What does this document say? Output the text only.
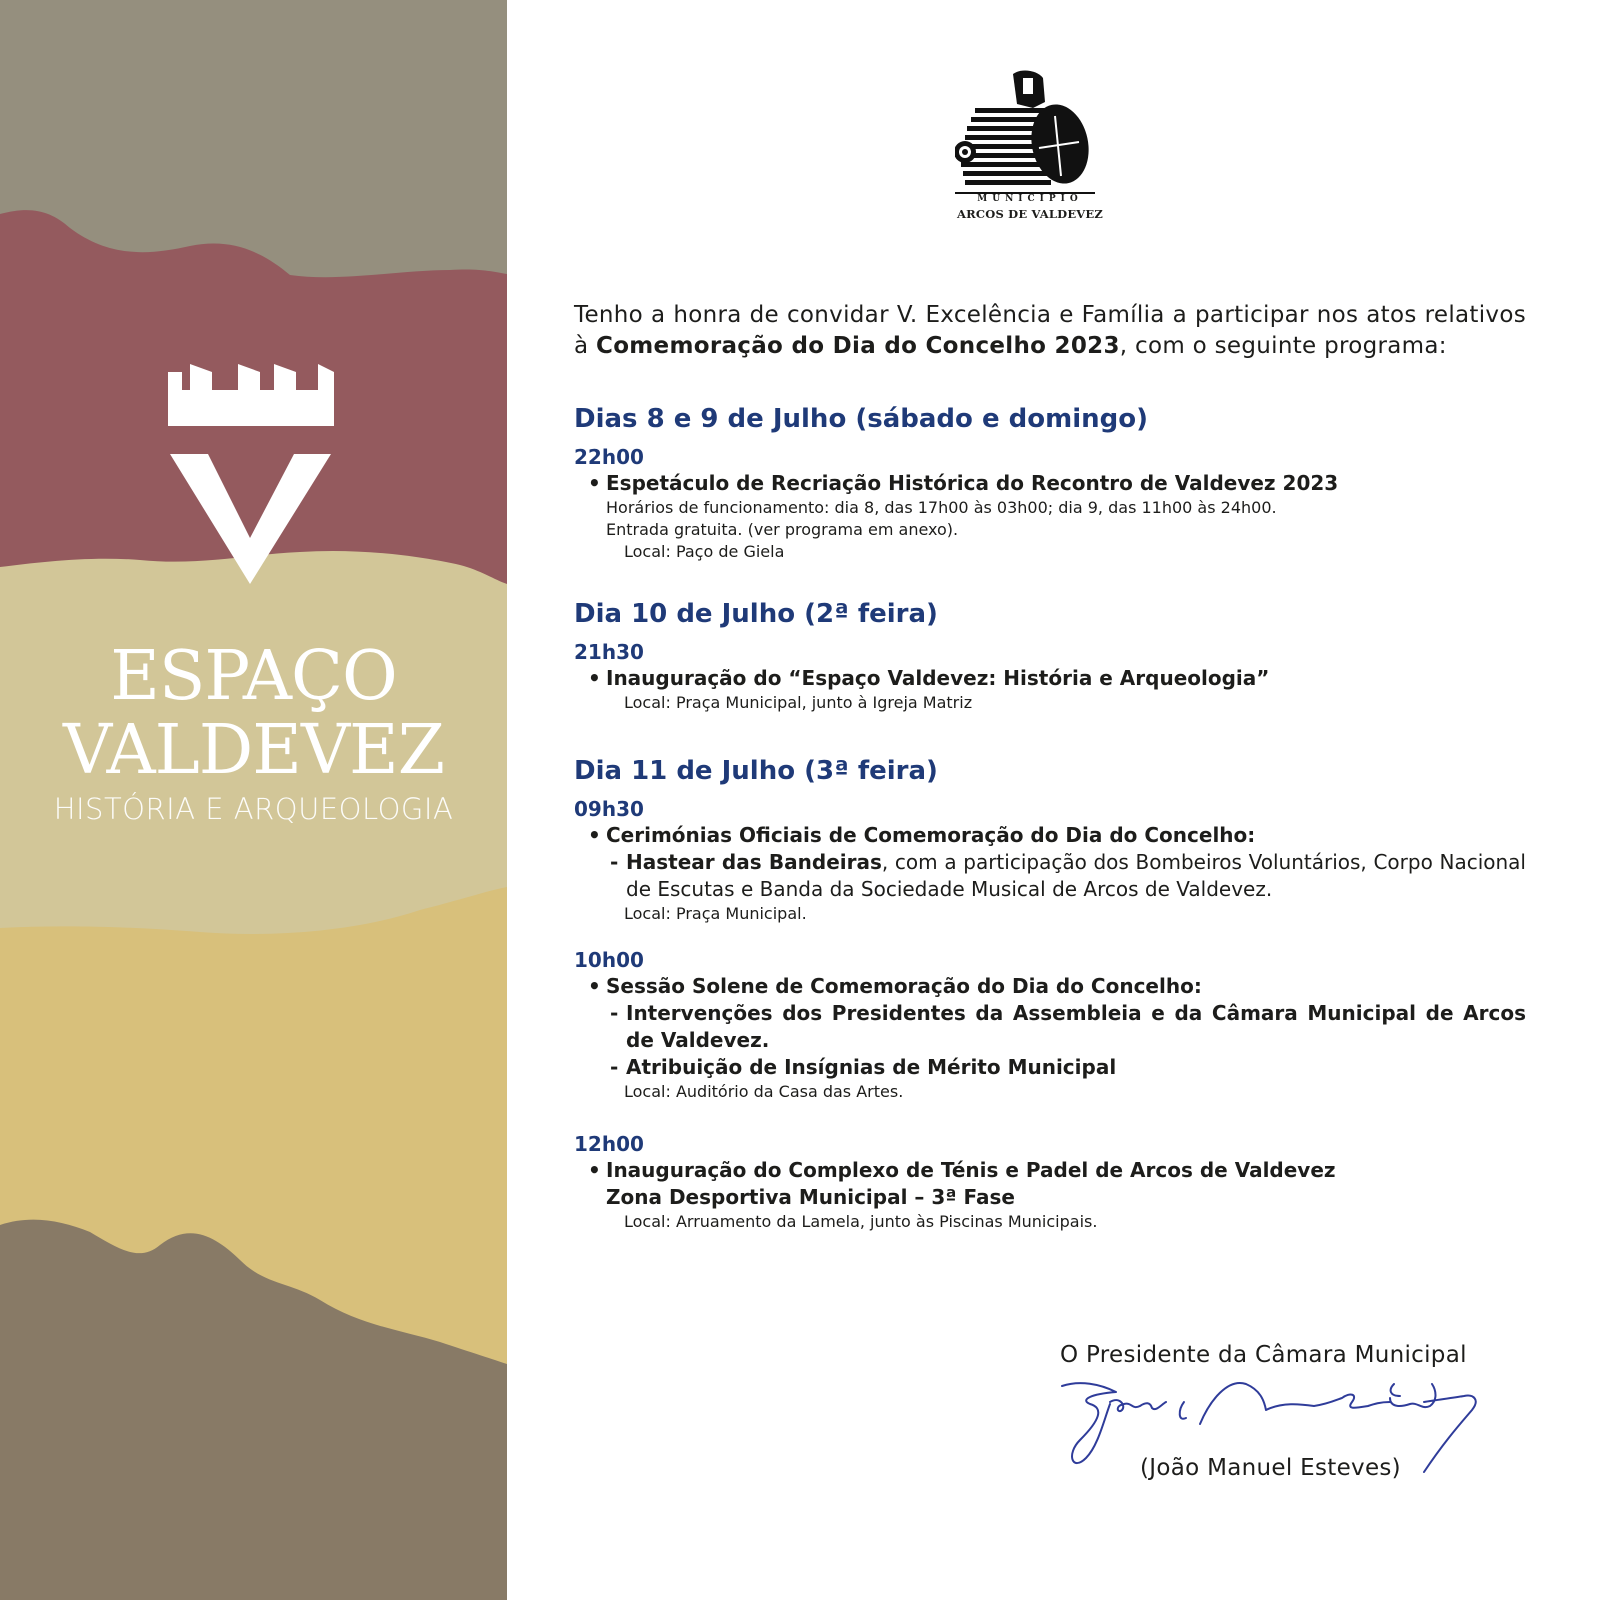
ESPAÇO
VALDEVEZ
HISTÓRIA E ARQUEOLOGIA
MUNICÍPIO
ARCOS DE VALDEVEZ

Tenho a honra de convidar V. Excelência e Família a participar nos atos relativos à Comemoração do Dia do Concelho 2023, com o seguinte programa:

Dias 8 e 9 de Julho (sábado e domingo)
22h00
• Espetáculo de Recriação Histórica do Recontro de Valdevez 2023
Horários de funcionamento: dia 8, das 17h00 às 03h00; dia 9, das 11h00 às 24h00.
Entrada gratuita. (ver programa em anexo).
Local: Paço de Giela
Dia 10 de Julho (2ª feira)
21h30
• Inauguração do “Espaço Valdevez: História e Arqueologia”
Local: Praça Municipal, junto à Igreja Matriz
Dia 11 de Julho (3ª feira)
09h30
• Cerimónias Oficiais de Comemoração do Dia do Concelho:
- Hastear das Bandeiras, com a participação dos Bombeiros Voluntários, Corpo Nacional de Escutas e Banda da Sociedade Musical de Arcos de Valdevez.
Local: Praça Municipal.
10h00
• Sessão Solene de Comemoração do Dia do Concelho:
- Intervenções dos Presidentes da Assembleia e da Câmara Municipal de Arcos de Valdevez.
- Atribuição de Insígnias de Mérito Municipal
Local: Auditório da Casa das Artes.
12h00
• Inauguração do Complexo de Ténis e Padel de Arcos de Valdevez
Zona Desportiva Municipal – 3ª Fase
Local: Arruamento da Lamela, junto às Piscinas Municipais.
O Presidente da Câmara Municipal
(João Manuel Esteves)
